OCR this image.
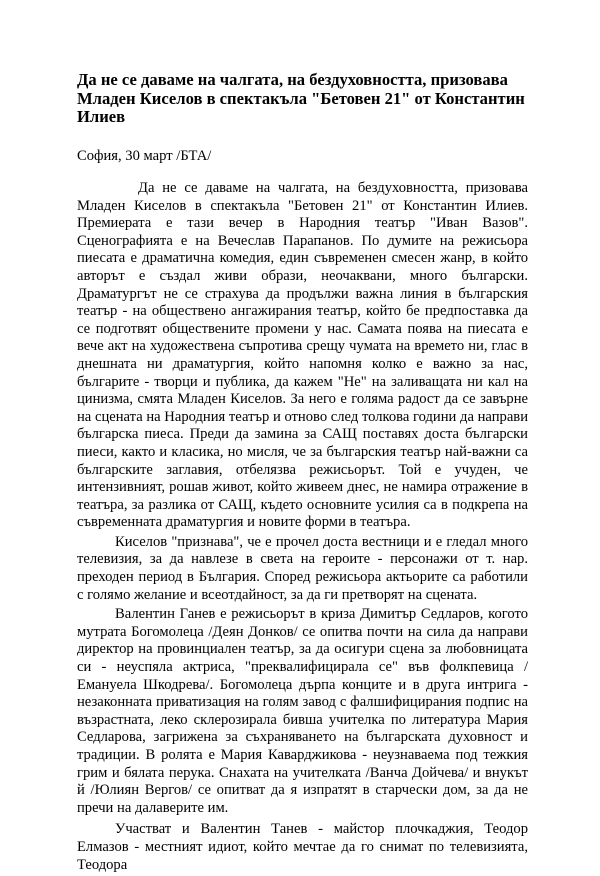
Да не се даваме на чалгата, на бездуховността, призовава Младен Киселов в спектакъла "Бетовен 21" от Константин Илиев

София, 30 март /БТА/

Да не се даваме на чалгата, на бездуховността, призовава Младен Киселов в спектакъла "Бетовен 21" от Константин Илиев. Премиерата е тази вечер в Народния театър "Иван Вазов". Сценографията е на Вечеслав Парапанов. По думите на режисьора пиесата е драматична комедия, един съвременен смесен жанр, в който авторът е създал живи образи, неочаквани, много български. Драматургът не се страхува да продължи важна линия в българския театър - на обществено ангажирания театър, който бе предпоставка да се подготвят обществените промени у нас. Самата поява на пиесата е вече акт на художествена съпротива срещу чумата на времето ни, глас в днешната ни драматургия, който напомня колко е важно за нас, българите - творци и публика, да кажем "Не" на заливащата ни кал на цинизма, смята Младен Киселов. За него е голяма радост да се завърне на сцената на Народния театър и отново след толкова години да направи българска пиеса. Преди да замина за САЩ поставях доста български пиеси, както и класика, но мисля, че за българския театър най-важни са българските заглавия, отбелязва режисьорът. Той е учуден, че интензивният, рошав живот, който живеем днес, не намира отражение в театъра, за разлика от САЩ, където основните усилия са в подкрепа на съвременната драматургия и новите форми в театъра.

Киселов "признава", че е прочел доста вестници и е гледал много телевизия, за да навлезе в света на героите - персонажи от т. нар. преходен период в България. Според режисьора актьорите са работили с голямо желание и всеотдайност, за да ги претворят на сцената.

Валентин Ганев е режисьорът в криза Димитър Седларов, когото мутрата Богомолеца /Деян Донков/ се опитва почти на сила да направи директор на провинциален театър, за да осигури сцена за любовницата си - неуспяла актриса, "преквалифицирала се" във фолкпевица /Емануела Шкодрева/. Богомолеца дърпа конците и в друга интрига - незаконната приватизация на голям завод с фалшифицирания подпис на възрастната, леко склерозирала бивша учителка по литература Мария Седларова, загрижена за съхраняването на българската духовност и традиции. В ролята е Мария Каварджикова - неузнаваема под тежкия грим и бялата перука. Снахата на учителката /Ванча Дойчева/ и внукът й /Юлиян Вергов/ се опитват да я изпратят в старчески дом, за да не пречи на далаверите им.

Участват и Валентин Танев - майстор плочкаджия, Теодор Елмазов - местният идиот, който мечтае да го снимат по телевизията, Теодора
